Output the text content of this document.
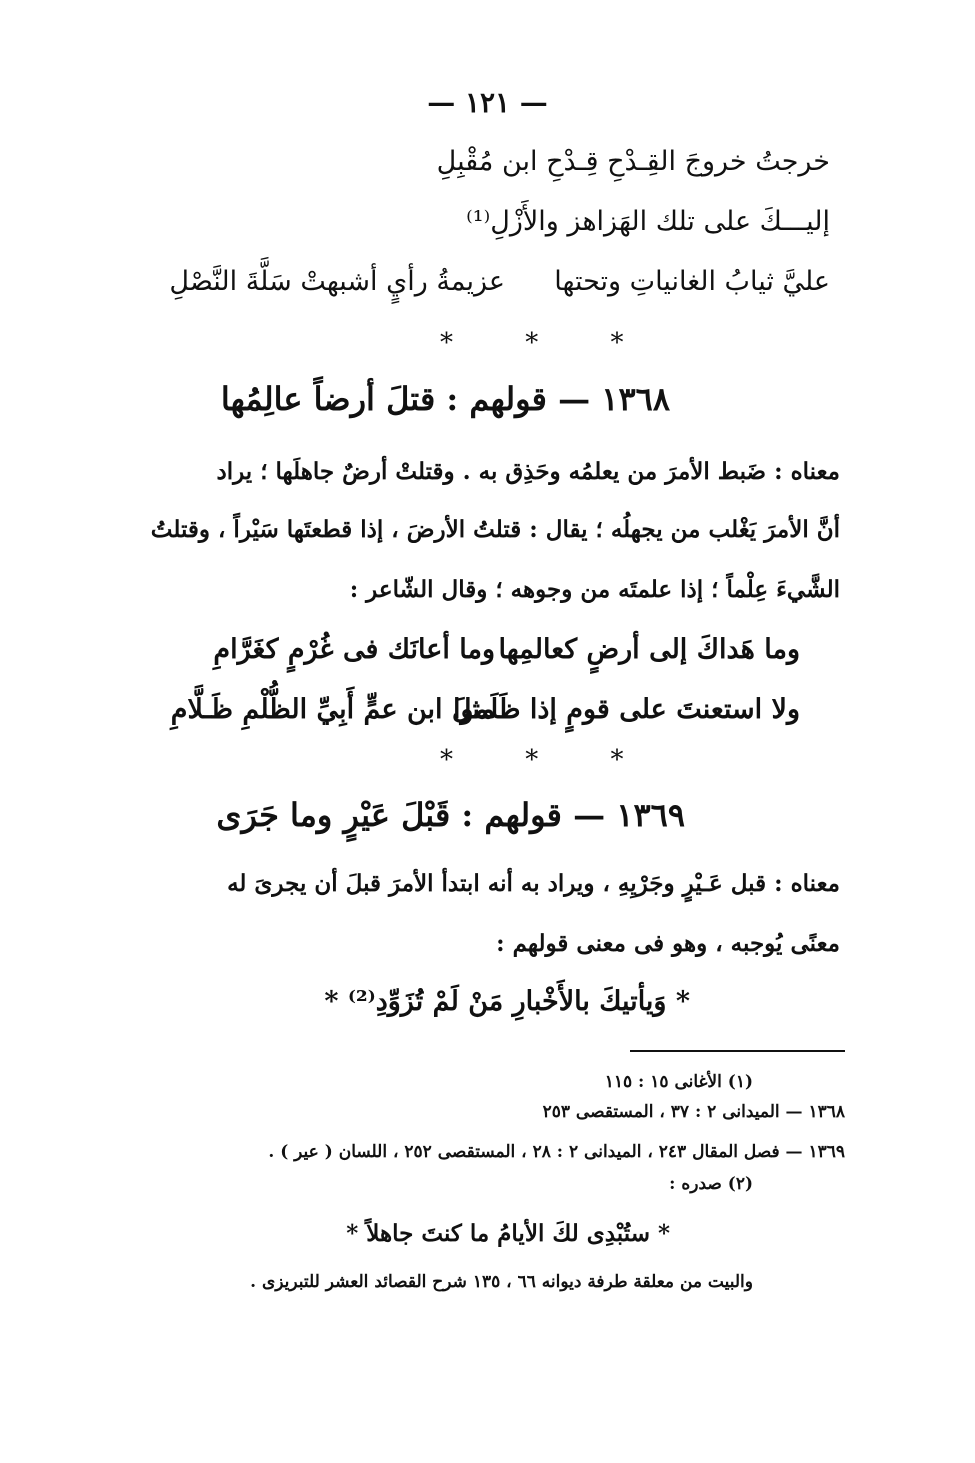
— ١٢١ —
خرجتُ خروجَ القِـدْحِ قِـدْحِ ابن مُقْبِلِ
إليـــكَ على تلك الهَزاهز والأَزْلِ⁽¹⁾
عليَّ ثيابُ الغانياتِ وتحتها
عزيمةُ رأيٍ أشبهتْ سَلَّةَ النَّصْلِ
* * *
١٣٦٨ — قولهم : قتلَ أرضاً عالِمُها
معناه : ضَبط الأمرَ من يعلمُه وحَذِق به . وقتلتْ أرضٌ جاهلَها ؛ يراد
أنَّ الأمرَ يَغْلب من يجهلُه ؛ يقال : قتلتُ الأرضَ ، إذا قطعتَها سَيْراً ، وقتلتُ
الشَّيءَ عِلْماً ؛ إذا علمتَه من وجوهه ؛ وقال الشّاعر :
وما هَداكَ إلى أرضٍ كعالمِها
وما أعانَك فى غُرْمٍ كغَرَّامِ
ولا استعنتَ على قومٍ إذا ظَلَموا
مثلَ ابن عمٍّ أَبِيِّ الظُّلْمِ ظَـلَّامِ
* * *
١٣٦٩ — قولهم : قَبْلَ عَيْرٍ وما جَرَى
معناه : قبل عَـيْرٍ وجَرْيِهِ ، ويراد به أنه ابتدأ الأمرَ قبلَ أن يجرىَ له
معنًى يُوجبه ، وهو فى معنى قولهم :
* وَيأتيكَ بالأَخْبارِ مَنْ لَمْ تُزَوِّدِ⁽²⁾ *
(١) الأغانى ١٥ : ١١٥
١٣٦٨ — الميدانى ٢ : ٣٧ ، المستقصى ٢٥٣
١٣٦٩ — فصل المقال ٢٤٣ ، الميدانى ٢ : ٢٨ ، المستقصى ٢٥٢ ، اللسان ( عير ) .
(٢) صدره :
* ستُبْدِى لكَ الأيامُ ما كنتَ جاهلاً *
والبيت من معلقة طرفة ديوانه ٦٦ ، ١٣٥ شرح القصائد العشر للتبريزى .
